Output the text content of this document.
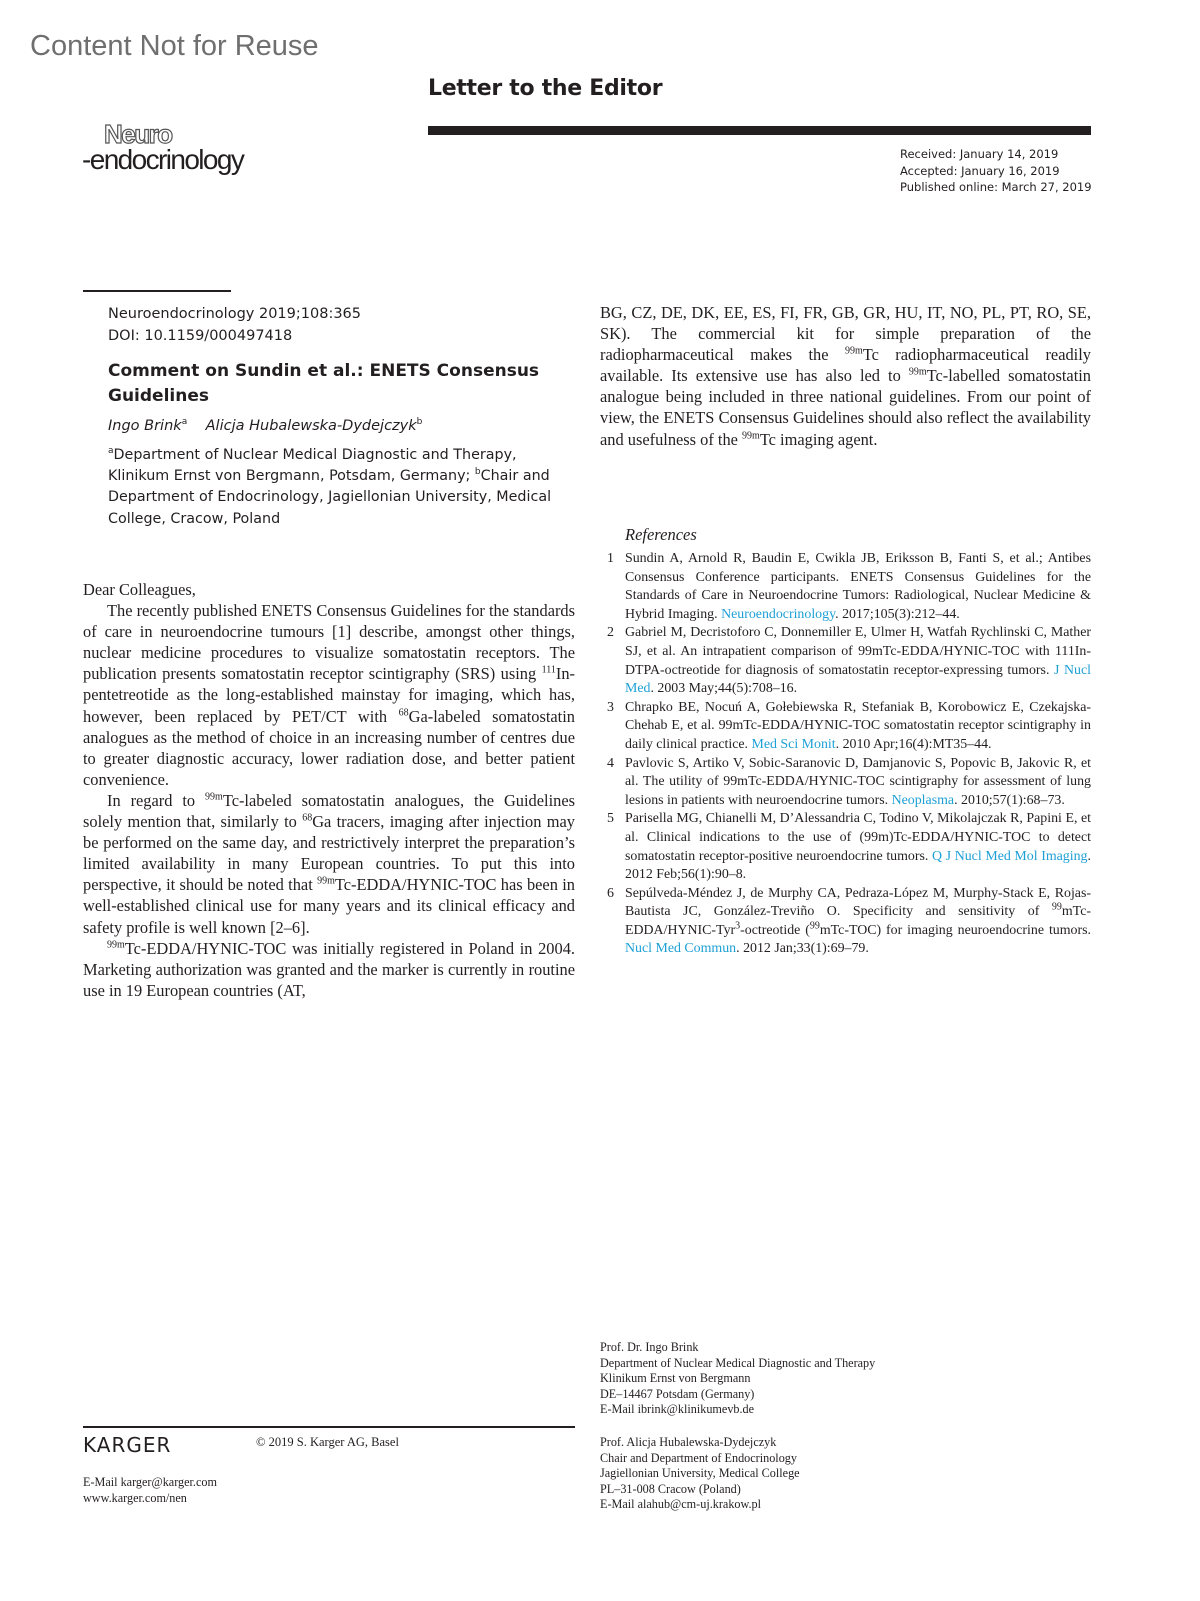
Content Not for Reuse
Letter to the Editor
Neuro
-endocrinology	Received: January 14, 2019
Accepted: January 16, 2019
Published online: March 27, 2019
Neuroendocrinology 2019;108:365
DOI: 10.1159/000497418
Comment on Sundin et al.: ENETS Consensus Guidelines
Ingo Brink$^a$ Alicja Hubalewska-Dydejczyk$^b$
$^a$Department of Nuclear Medical Diagnostic and Therapy, Klinikum Ernst von Bergmann, Potsdam, Germany; $^b$Chair and Department of Endocrinology, Jagiellonian University, Medical College, Cracow, Poland

Dear Colleagues,

The recently published ENETS Consensus Guidelines for the standards of care in neuroendocrine tumours [1] describe, amongst other things, nuclear medicine procedures to visualize somatostatin receptors. The publication presents somatostatin receptor scintigraphy (SRS) using $^{111}$In-pentetreotide as the long-established mainstay for imaging, which has, however, been replaced by PET/CT with $^{68}$Ga-labeled somatostatin analogues as the method of choice in an increasing number of centres due to greater diagnostic accuracy, lower radiation dose, and better patient convenience.

In regard to $^{99m}$Tc-labeled somatostatin analogues, the Guidelines solely mention that, similarly to $^{68}$Ga tracers, imaging after injection may be performed on the same day, and restrictively interpret the preparation’s limited availability in many European countries. To put this into perspective, it should be noted that $^{99m}$Tc-EDDA/HYNIC-TOC has been in well-established clinical use for many years and its clinical efficacy and safety profile is well known [2–6].

$^{99m}$Tc-EDDA/HYNIC-TOC was initially registered in Poland in 2004. Marketing authorization was granted and the marker is currently in routine use in 19 European countries (AT,

BG, CZ, DE, DK, EE, ES, FI, FR, GB, GR, HU, IT, NO, PL, PT, RO, SE, SK). The commercial kit for simple preparation of the radiopharmaceutical makes the $^{99m}$Tc radiopharmaceutical readily available. Its extensive use has also led to $^{99m}$Tc-labelled somatostatin analogue being included in three national guidelines. From our point of view, the ENETS Consensus Guidelines should also reflect the availability and usefulness of the $^{99m}$Tc imaging agent.

References
1 Sundin A, Arnold R, Baudin E, Cwikla JB, Eriksson B, Fanti S, et al.; Antibes Consensus Conference participants. ENETS Consensus Guidelines for the Standards of Care in Neuroendocrine Tumors: Radiological, Nuclear Medicine & Hybrid Imaging. Neuroendocrinology. 2017;105(3):212–44.
2 Gabriel M, Decristoforo C, Donnemiller E, Ulmer H, Watfah Rychlinski C, Mather SJ, et al. An intrapatient comparison of 99mTc-EDDA/HYNIC-TOC with 111In-DTPA-octreotide for diagnosis of somatostatin receptor-expressing tumors. J Nucl Med. 2003 May;44(5):708–16.
3 Chrapko BE, Nocuń A, Gołebiewska R, Stefaniak B, Korobowicz E, Czekajska-Chehab E, et al. 99mTc-EDDA/HYNIC-TOC somatostatin receptor scintigraphy in daily clinical practice. Med Sci Monit. 2010 Apr;16(4):MT35–44.
4 Pavlovic S, Artiko V, Sobic-Saranovic D, Damjanovic S, Popovic B, Jakovic R, et al. The utility of 99mTc-EDDA/HYNIC-TOC scintigraphy for assessment of lung lesions in patients with neuroendocrine tumors. Neoplasma. 2010;57(1):68–73.
5 Parisella MG, Chianelli M, D’Alessandria C, Todino V, Mikolajczak R, Papini E, et al. Clinical indications to the use of (99m)Tc-EDDA/HYNIC-TOC to detect somatostatin receptor-positive neuroendocrine tumors. Q J Nucl Med Mol Imaging. 2012 Feb;56(1):90–8.
6 Sepúlveda-Méndez J, de Murphy CA, Pedraza-López M, Murphy-Stack E, Rojas-Bautista JC, González-Treviño O. Specificity and sensitivity of $^{99}$mTc-EDDA/HYNIC-Tyr$^3$-octreotide ($^{99}$mTc-TOC) for imaging neuroendocrine tumors. Nucl Med Commun. 2012 Jan;33(1):69–79.
Prof. Dr. Ingo Brink
Department of Nuclear Medical Diagnostic and Therapy
Klinikum Ernst von Bergmann
DE–14467 Potsdam (Germany)
E-Mail ibrink@klinikumevb.de
Prof. Alicja Hubalewska-Dydejczyk
Chair and Department of Endocrinology
Jagiellonian University, Medical College
PL–31-008 Cracow (Poland)
E-Mail alahub@cm-uj.krakow.pl
KARGER	© 2019 S. Karger AG, Basel
E-Mail karger@karger.com
www.karger.com/nen
